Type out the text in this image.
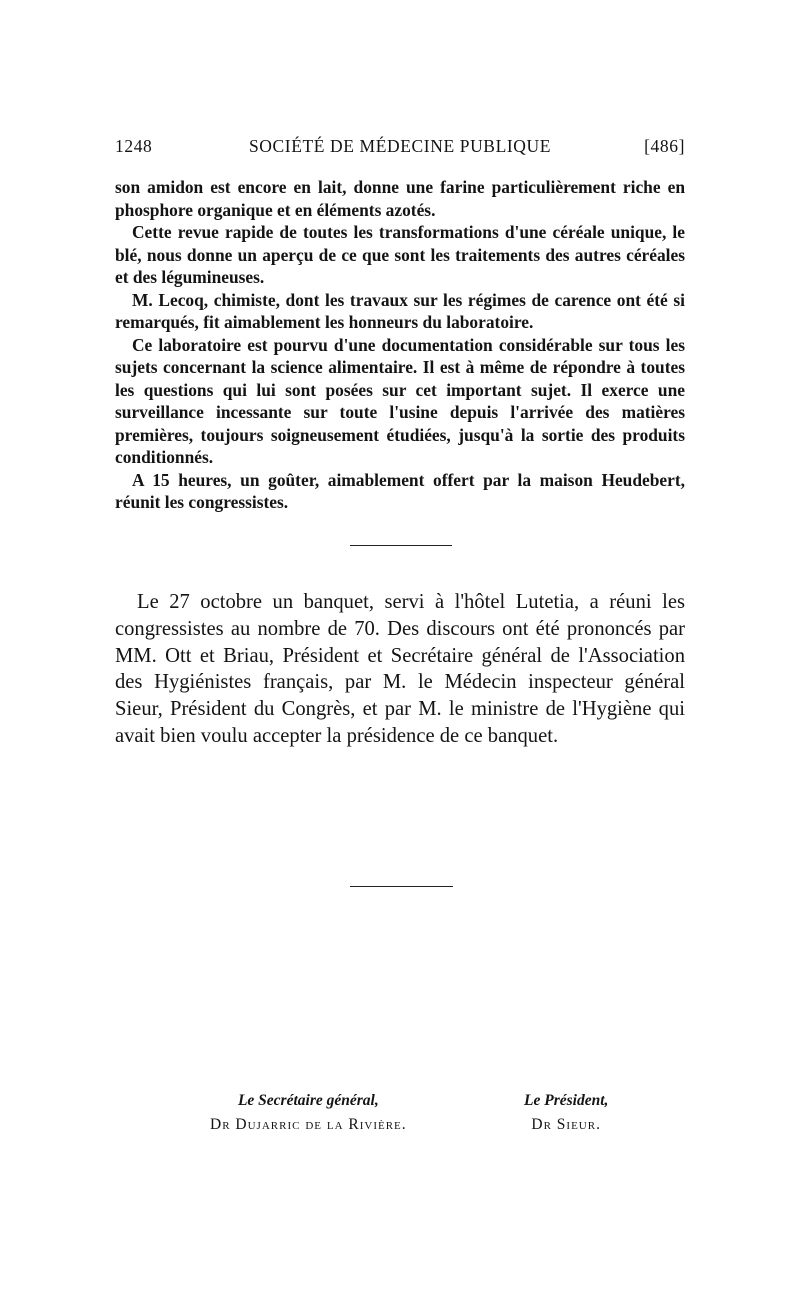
1248	SOCIÉTÉ DE MÉDECINE PUBLIQUE	[486]

son amidon est encore en lait, donne une farine particulièrement riche en phosphore organique et en éléments azotés.

Cette revue rapide de toutes les transformations d'une céréale unique, le blé, nous donne un aperçu de ce que sont les traitements des autres céréales et des légumineuses.

M. Lecoq, chimiste, dont les travaux sur les régimes de carence ont été si remarqués, fit aimablement les honneurs du laboratoire.

Ce laboratoire est pourvu d'une documentation considérable sur tous les sujets concernant la science alimentaire. Il est à même de répondre à toutes les questions qui lui sont posées sur cet important sujet. Il exerce une surveillance incessante sur toute l'usine depuis l'arrivée des matières premières, toujours soigneusement étudiées, jusqu'à la sortie des produits conditionnés.

A 15 heures, un goûter, aimablement offert par la maison Heudebert, réunit les congressistes.

Le 27 octobre un banquet, servi à l'hôtel Lutetia, a réuni les congressistes au nombre de 70. Des discours ont été prononcés par MM. Ott et Briau, Président et Secrétaire général de l'Association des Hygiénistes français, par M. le Médecin inspecteur général Sieur, Président du Congrès, et par M. le ministre de l'Hygiène qui avait bien voulu accepter la présidence de ce banquet.

Le Secrétaire général,
Dr Dujarric de la Rivière.
Le Président,
Dr Sieur.
